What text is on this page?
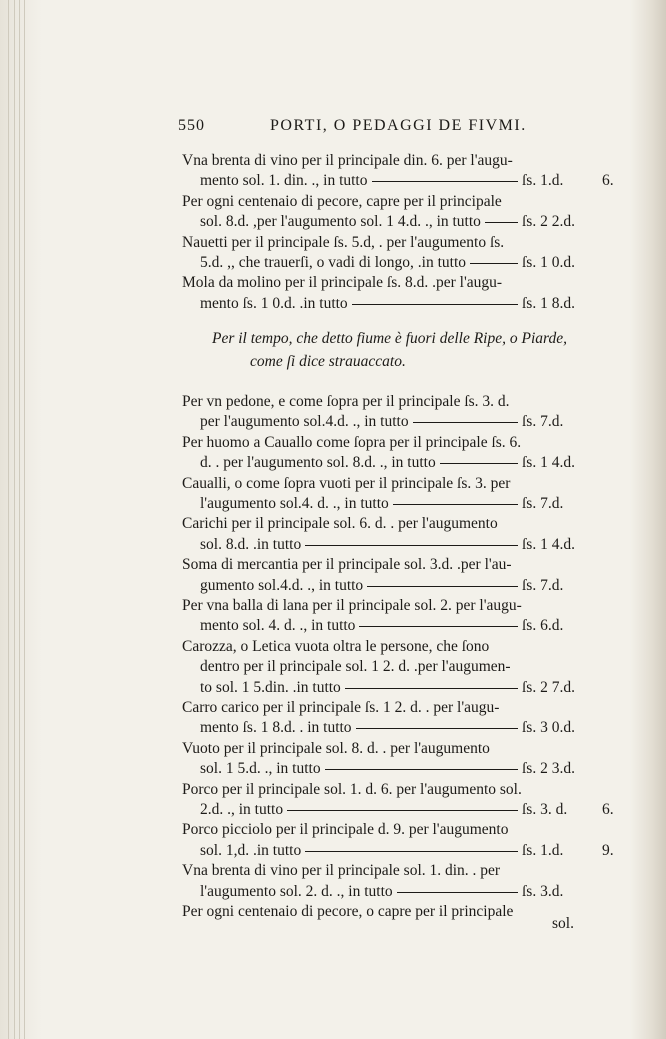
550	PORTI, O PEDAGGI DE FIVMI.
Vna brenta di vino per il principale din. 6. per l'augu-
mento sol. 1. din. ., in tutto	ſs. 1.d. 6.
Per ogni centenaio di pecore, capre per il principale
sol. 8.d. ,per l'augumento sol. 1 4.d. ., in tutto	ſs. 2 2.d.
Nauetti per il principale ſs. 5.d, . per l'augumento ſs.
5.d. ,, che trauerſi, o vadi di longo, .in tutto	ſs. 1 0.d.
Mola da molino per il principale ſs. 8.d. .per l'augu-
mento ſs. 1 0.d. .in tutto	ſs. 1 8.d.
Per il tempo, che detto fiume è fuori delle Ripe, o Piarde,
come ſi dice strauaccato.
Per vn pedone, e come ſopra per il principale ſs. 3. d.
per l'augumento sol.4.d. ., in tutto	ſs. 7.d.
Per huomo a Cauallo come ſopra per il principale ſs. 6.
d. . per l'augumento sol. 8.d. ., in tutto	ſs. 1 4.d.
Caualli, o come ſopra vuoti per il principale ſs. 3. per
l'augumento sol.4. d. ., in tutto	ſs. 7.d.
Carichi per il principale sol. 6. d. . per l'augumento
sol. 8.d. .in tutto	ſs. 1 4.d.
Soma di mercantia per il principale sol. 3.d. .per l'au-
gumento sol.4.d. ., in tutto	ſs. 7.d.
Per vna balla di lana per il principale sol. 2. per l'augu-
mento sol. 4. d. ., in tutto	ſs. 6.d.
Carozza, o Letica vuota oltra le persone, che ſono
dentro per il principale sol. 1 2. d. .per l'augumen-
to sol. 1 5.din. .in tutto	ſs. 2 7.d.
Carro carico per il principale ſs. 1 2. d. . per l'augu-
mento ſs. 1 8.d. . in tutto	ſs. 3 0.d.
Vuoto per il principale sol. 8. d. . per l'augumento
sol. 1 5.d. ., in tutto	ſs. 2 3.d.
Porco per il principale sol. 1. d. 6. per l'augumento sol.
2.d. ., in tutto	ſs. 3. d. 6.
Porco picciolo per il principale d. 9. per l'augumento
sol. 1,d. .in tutto	ſs. 1.d. 9.
Vna brenta di vino per il principale sol. 1. din. . per
l'augumento sol. 2. d. ., in tutto	ſs. 3.d.
Per ogni centenaio di pecore, o capre per il principale
sol.
